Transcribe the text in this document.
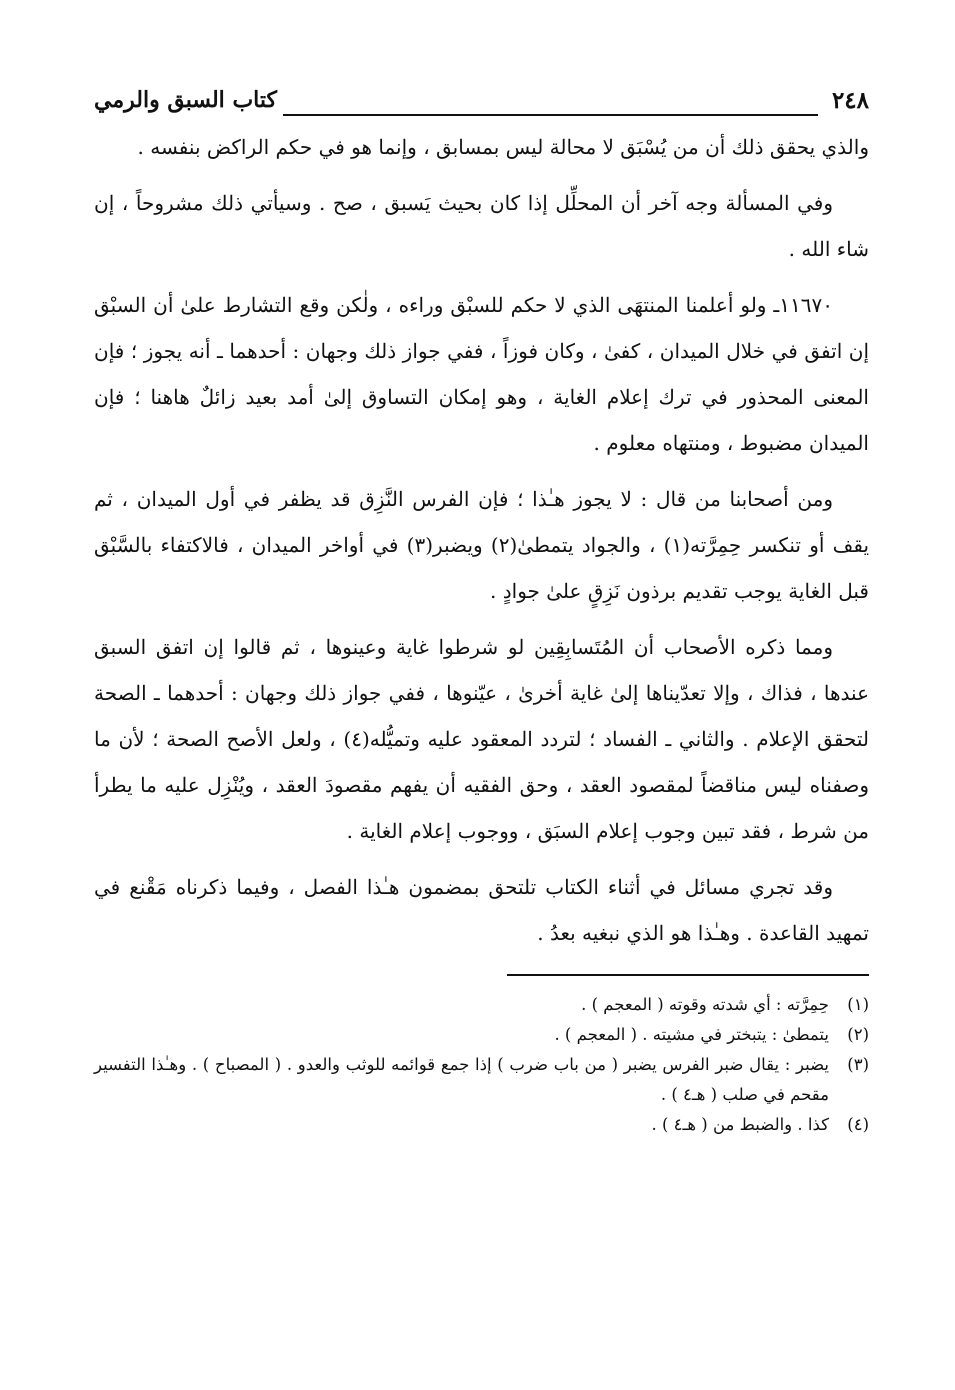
٢٤٨
كتاب السبق والرمي

والذي يحقق ذلك أن من يُسْبَق لا محالة ليس بمسابق ، وإنما هو في حكم الراكض بنفسه .

وفي المسألة وجه آخر أن المحلِّل إذا كان بحيث يَسبق ، صح . وسيأتي ذلك مشروحاً ، إن شاء الله .

١١٦٧٠ـ ولو أعلمنا المنتهَى الذي لا حكم للسبْق وراءه ، ولٰكن وقع التشارط علىٰ أن السبْق إن اتفق في خلال الميدان ، كفىٰ ، وكان فوزاً ، ففي جواز ذلك وجهان : أحدهما ـ أنه يجوز ؛ فإن المعنى المحذور في ترك إعلام الغاية ، وهو إمكان التساوق إلىٰ أمد بعيد زائلٌ هاهنا ؛ فإن الميدان مضبوط ، ومنتهاه معلوم .

ومن أصحابنا من قال : لا يجوز هـٰذا ؛ فإن الفرس النَّزِق قد يظفر في أول الميدان ، ثم يقف أو تنكسر حِمِرَّته(١) ، والجواد يتمطىٰ(٢) ويضبر(٣) في أواخر الميدان ، فالاكتفاء بالسَّبْق قبل الغاية يوجب تقديم برذون نَزِقٍ علىٰ جوادٍ .

ومما ذكره الأصحاب أن المُتَسابِقِين لو شرطوا غاية وعينوها ، ثم قالوا إن اتفق السبق عندها ، فذاك ، وإلا تعدّيناها إلىٰ غاية أخرىٰ ، عيّنوها ، ففي جواز ذلك وجهان : أحدهما ـ الصحة لتحقق الإعلام . والثاني ـ الفساد ؛ لتردد المعقود عليه وتميُّله(٤) ، ولعل الأصح الصحة ؛ لأن ما وصفناه ليس مناقضاً لمقصود العقد ، وحق الفقيه أن يفهم مقصودَ العقد ، ويُنْزِل عليه ما يطرأ من شرط ، فقد تبين وجوب إعلام السبَق ، ووجوب إعلام الغاية .

وقد تجري مسائل في أثناء الكتاب تلتحق بمضمون هـٰذا الفصل ، وفيما ذكرناه مَقْنع في تمهيد القاعدة . وهـٰذا هو الذي نبغيه بعدُ .

(١)
حِمِرَّته : أي شدته وقوته ( المعجم ) .
(٢)
يتمطىٰ : يتبختر في مشيته . ( المعجم ) .
(٣)
يضبر : يقال ضبر الفرس يضبر ( من باب ضرب ) إذا جمع قوائمه للوثب والعدو . ( المصباح ) . وهـٰذا التفسير مقحم في صلب ( هـ٤ ) .
(٤)
كذا . والضبط من ( هـ٤ ) .
